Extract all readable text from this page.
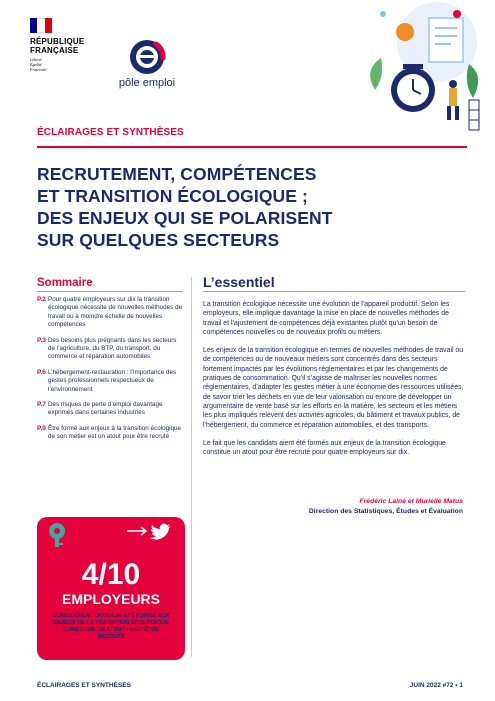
RÉPUBLIQUE
FRANÇAISE
Liberté
Égalité
Fraternité
pôle emploi
ÉCLAIRAGES ET SYNTHÈSES
RECRUTEMENT, COMPÉTENCES
ET TRANSITION ÉCOLOGIQUE ;
DES ENJEUX QUI SE POLARISENT
SUR QUELQUES SECTEURS
Sommaire
P.2 Pour quatre employeurs sur dix la transition écologique nécessite de nouvelles méthodes de travail ou à moindre échelle de nouvelles compétences
P.3 Des besoins plus prégnants dans les secteurs de l’agriculture, du BTP, du transport, du commerce et réparation automobiles
P.6 L’hébergement-restauration : l’importance des gestes professionnels respectueux de l’environnement
P.7 Des risques de perte d’emploi davantage exprimés dans certaines industries
P.9 Être formé aux enjeux à la transition écologique de son métier est un atout pour être recruté
L’essentiel

La transition écologique nécessite une évolution de l’appareil productif. Selon les employeurs, elle implique davantage la mise en place de nouvelles méthodes de travail et l’ajustement de compétences déjà existantes plutôt qu’un besoin de compétences nouvelles ou de nouveaux profils ou métiers.

Les enjeux de la transition écologique en termes de nouvelles méthodes de travail ou de compétences ou de nouveaux métiers sont concentrés dans des secteurs fortement impactés par les évolutions réglementaires et par les changements de pratiques de consommation. Qu’il s’agisse de maîtriser les nouvelles normes réglementaires, d’adapter les gestes métier à une économie des ressources utilisées, de savoir trier les déchets en vue de leur valorisation ou encore de développer un argumentaire de vente basé sur les efforts en la matière, les secteurs et les métiers les plus impliqués relèvent des activités agricoles, du bâtiment et travaux publics, de l’hébergement, du commerce et réparation automobiles, et des transports.

Le fait que les candidats aient été formés aux enjeux de la transition écologique constitue un atout pour être recruté pour quatre employeurs sur dix.

Frédéric Lainé et Murielle Matus
Direction des Statistiques, Études et Évaluation
4/10
EMPLOYEURS
CONSIDÈRENT QU’AVOIR ÉTÉ FORMÉ AUX ENJEUX DE LA TRANSITION ÉCOLOGIQUE CONSTITUE UN ATOUT POUR ÊTRE RECRUTÉ
ÉCLAIRAGES ET SYNTHÈSES	JUIN 2022 #72 • 1
